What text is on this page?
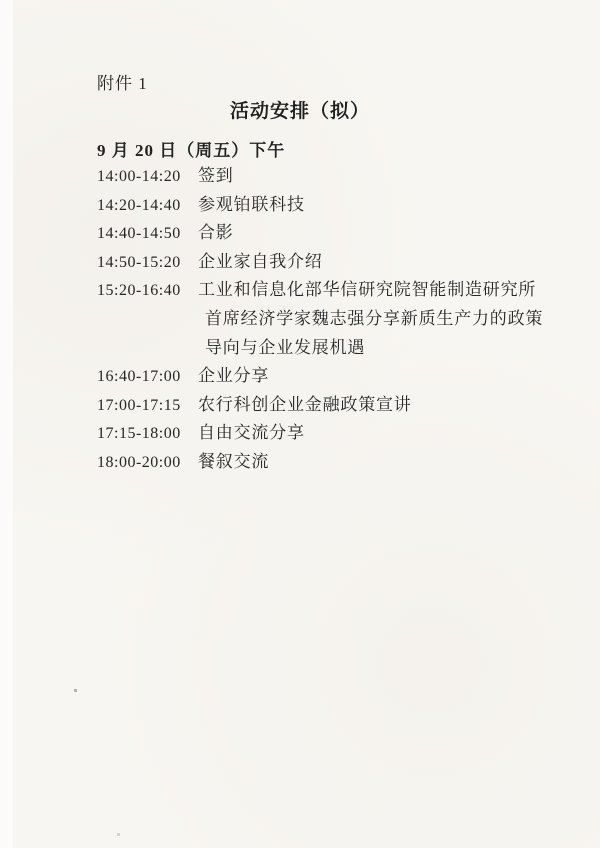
附件 1
活动安排（拟）
9 月 20 日（周五）下午
14:00-14:20	签到
14:20-14:40	参观铂联科技
14:40-14:50	合影
14:50-15:20	企业家自我介绍
15:20-16:40	工业和信息化部华信研究院智能制造研究所
首席经济学家魏志强分享新质生产力的政策
导向与企业发展机遇
16:40-17:00	企业分享
17:00-17:15	农行科创企业金融政策宣讲
17:15-18:00	自由交流分享
18:00-20:00	餐叙交流
